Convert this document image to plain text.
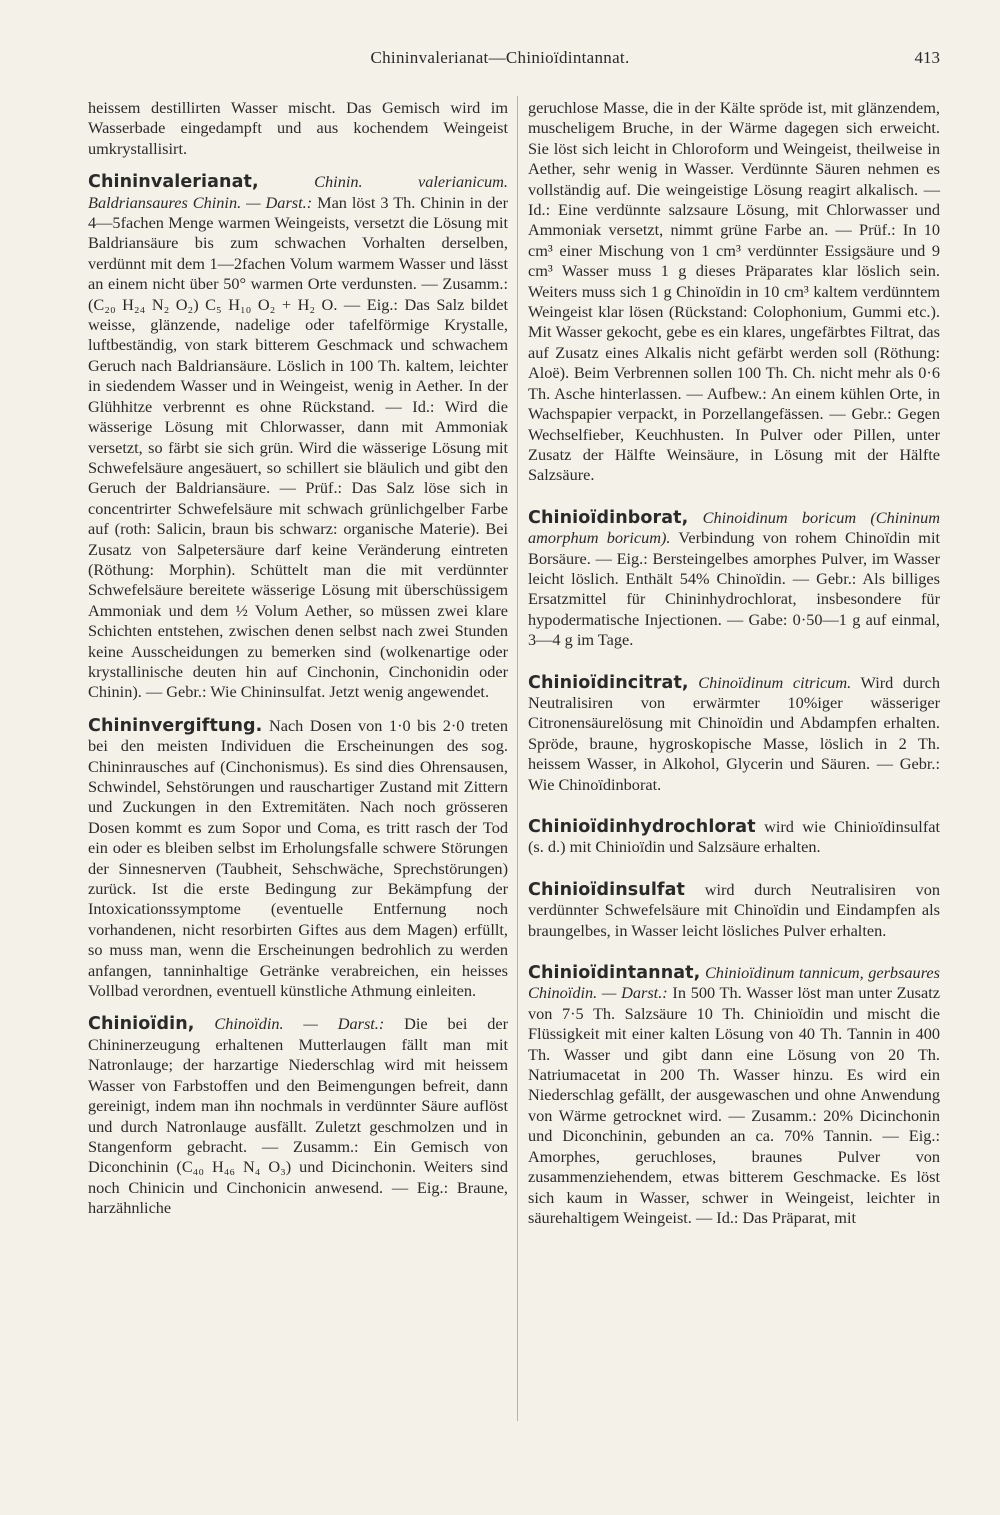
Chininvalerianat—Chinioïdintannat.	413

heissem destillirten Wasser mischt. Das Gemisch wird im Wasserbade eingedampft und aus kochendem Weingeist umkrystallisirt.

Chininvalerianat,	Chinin. valerianicum. Baldriansaures Chinin. — Darst.: Man löst 3 Th. Chinin in der 4—5fachen Menge warmen Weingeists, versetzt die Lösung mit Baldriansäure bis zum schwachen Vorhalten derselben, verdünnt mit dem 1—2fachen Volum warmem Wasser und lässt an einem nicht über 50° warmen Orte verdunsten. — Zusamm.: (C₂₀ H₂₄ N₂ O₂) C₅ H₁₀ O₂ + H₂ O. — Eig.: Das Salz bildet weisse, glänzende, nadelige oder tafelförmige Krystalle, luftbeständig, von stark bitterem Geschmack und schwachem Geruch nach Baldriansäure. Löslich in 100 Th. kaltem, leichter in siedendem Wasser und in Weingeist, wenig in Aether. In der Glühhitze verbrennt es ohne Rückstand. — Id.: Wird die wässerige Lösung mit Chlorwasser, dann mit Ammoniak versetzt, so färbt sie sich grün. Wird die wässerige Lösung mit Schwefelsäure angesäuert, so schillert sie bläulich und gibt den Geruch der Baldriansäure. — Prüf.: Das Salz löse sich in concentrirter Schwefelsäure mit schwach grünlichgelber Farbe auf (roth: Salicin, braun bis schwarz: organische Materie). Bei Zusatz von Salpetersäure darf keine Veränderung eintreten (Röthung: Morphin). Schüttelt man die mit verdünnter Schwefelsäure bereitete wässerige Lösung mit überschüssigem Ammoniak und dem ½ Volum Aether, so müssen zwei klare Schichten entstehen, zwischen denen selbst nach zwei Stunden keine Ausscheidungen zu bemerken sind (wolkenartige oder krystallinische deuten hin auf Cinchonin, Cinchonidin oder Chinin). — Gebr.: Wie Chininsulfat. Jetzt wenig angewendet.

Chininvergiftung. Nach Dosen von 1·0 bis 2·0 treten bei den meisten Individuen die Erscheinungen des sog. Chininrausches auf (Cinchonismus). Es sind dies Ohrensausen, Schwindel, Sehstörungen und rauschartiger Zustand mit Zittern und Zuckungen in den Extremitäten. Nach noch grösseren Dosen kommt es zum Sopor und Coma, es tritt rasch der Tod ein oder es bleiben selbst im Erholungsfalle schwere Störungen der Sinnesnerven (Taubheit, Sehschwäche, Sprechstörungen) zurück. Ist die erste Bedingung zur Bekämpfung der Intoxicationssymptome (eventuelle Entfernung noch vorhandenen, nicht resorbirten Giftes aus dem Magen) erfüllt, so muss man, wenn die Erscheinungen bedrohlich zu werden anfangen, tanninhaltige Getränke verabreichen, ein heisses Vollbad verordnen, eventuell künstliche Athmung einleiten.

Chinioïdin, Chinoïdin. — Darst.: Die bei der Chininerzeugung erhaltenen Mutterlaugen fällt man mit Natronlauge; der harzartige Niederschlag wird mit heissem Wasser von Farbstoffen und den Beimengungen befreit, dann gereinigt, indem man ihn nochmals in verdünnter Säure auflöst und durch Natronlauge ausfällt. Zuletzt geschmolzen und in Stangenform gebracht. — Zusamm.: Ein Gemisch von Diconchinin (C₄₀ H₄₆ N₄ O₃) und Dicinchonin. Weiters sind noch Chinicin und Cinchonicin anwesend. — Eig.: Braune, harzähnliche

geruchlose Masse, die in der Kälte spröde ist, mit glänzendem, muscheligem Bruche, in der Wärme dagegen sich erweicht. Sie löst sich leicht in Chloroform und Weingeist, theilweise in Aether, sehr wenig in Wasser. Verdünnte Säuren nehmen es vollständig auf. Die weingeistige Lösung reagirt alkalisch. — Id.: Eine verdünnte salzsaure Lösung, mit Chlorwasser und Ammoniak versetzt, nimmt grüne Farbe an. — Prüf.: In 10 cm³ einer Mischung von 1 cm³ verdünnter Essigsäure und 9 cm³ Wasser muss 1 g dieses Präparates klar löslich sein. Weiters muss sich 1 g Chinoïdin in 10 cm³ kaltem verdünntem Weingeist klar lösen (Rückstand: Colophonium, Gummi etc.). Mit Wasser gekocht, gebe es ein klares, ungefärbtes Filtrat, das auf Zusatz eines Alkalis nicht gefärbt werden soll (Röthung: Aloë). Beim Verbrennen sollen 100 Th. Ch. nicht mehr als 0·6 Th. Asche hinterlassen. — Aufbew.: An einem kühlen Orte, in Wachspapier verpackt, in Porzellangefässen. — Gebr.: Gegen Wechselfieber, Keuchhusten. In Pulver oder Pillen, unter Zusatz der Hälfte Weinsäure, in Lösung mit der Hälfte Salzsäure.

Chinioïdinborat, Chinoidinum boricum (Chininum amorphum boricum). Verbindung von rohem Chinoïdin mit Borsäure. — Eig.: Bersteingelbes amorphes Pulver, im Wasser leicht löslich. Enthält 54% Chinoïdin. — Gebr.: Als billiges Ersatzmittel für Chininhydrochlorat, insbesondere für hypodermatische Injectionen. — Gabe: 0·50—1 g auf einmal, 3—4 g im Tage.

Chinioïdincitrat, Chinoïdinum citricum. Wird durch Neutralisiren von erwärmter 10%iger wässeriger Citronensäurelösung mit Chinoïdin und Abdampfen erhalten. Spröde, braune, hygroskopische Masse, löslich in 2 Th. heissem Wasser, in Alkohol, Glycerin und Säuren. — Gebr.: Wie Chinoïdinborat.

Chinioïdinhydrochlorat wird wie Chinioïdinsulfat (s. d.) mit Chinioïdin und Salzsäure erhalten.

Chinioïdinsulfat wird durch Neutralisiren von verdünnter Schwefelsäure mit Chinoïdin und Eindampfen als braungelbes, in Wasser leicht lösliches Pulver erhalten.

Chinioïdintannat, Chinioïdinum tannicum, gerbsaures Chinoïdin. — Darst.: In 500 Th. Wasser löst man unter Zusatz von 7·5 Th. Salzsäure 10 Th. Chinioïdin und mischt die Flüssigkeit mit einer kalten Lösung von 40 Th. Tannin in 400 Th. Wasser und gibt dann eine Lösung von 20 Th. Natriumacetat in 200 Th. Wasser hinzu. Es wird ein Niederschlag gefällt, der ausgewaschen und ohne Anwendung von Wärme getrocknet wird. — Zusamm.: 20% Dicinchonin und Diconchinin, gebunden an ca. 70% Tannin. — Eig.: Amorphes, geruchloses, braunes Pulver von zusammenziehendem, etwas bitterem Geschmacke. Es löst sich kaum in Wasser, schwer in Weingeist, leichter in säurehaltigem Weingeist. — Id.: Das Präparat, mit
